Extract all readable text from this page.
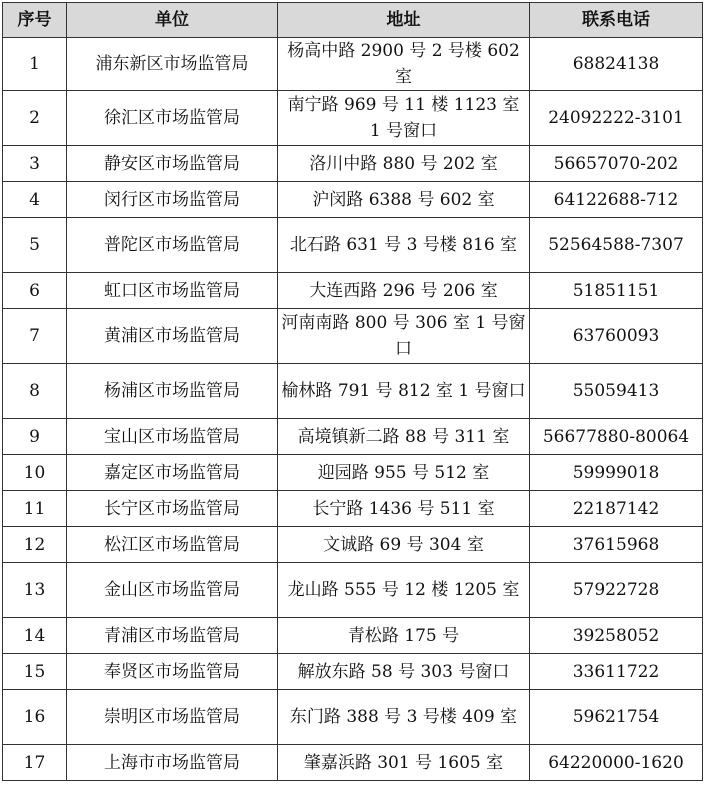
序号	单位	地址	联系电话
1	浦东新区市场监管局	杨高中路 2900 号 2 号楼 602 室	68824138
2	徐汇区市场监管局	南宁路 969 号 11 楼 1123 室 1 号窗口	24092222-3101
3	静安区市场监管局	洛川中路 880 号 202 室	56657070-202
4	闵行区市场监管局	沪闵路 6388 号 602 室	64122688-712
5	普陀区市场监管局	北石路 631 号 3 号楼 816 室	52564588-7307
6	虹口区市场监管局	大连西路 296 号 206 室	51851151
7	黄浦区市场监管局	河南南路 800 号 306 室 1 号窗口	63760093
8	杨浦区市场监管局	榆林路 791 号 812 室 1 号窗口	55059413
9	宝山区市场监管局	高境镇新二路 88 号 311 室	56677880-80064
10	嘉定区市场监管局	迎园路 955 号 512 室	59999018
11	长宁区市场监管局	长宁路 1436 号 511 室	22187142
12	松江区市场监管局	文诚路 69 号 304 室	37615968
13	金山区市场监管局	龙山路 555 号 12 楼 1205 室	57922728
14	青浦区市场监管局	青松路 175 号	39258052
15	奉贤区市场监管局	解放东路 58 号 303 号窗口	33611722
16	崇明区市场监管局	东门路 388 号 3 号楼 409 室	59621754
17	上海市市场监管局	肇嘉浜路 301 号 1605 室	64220000-1620
